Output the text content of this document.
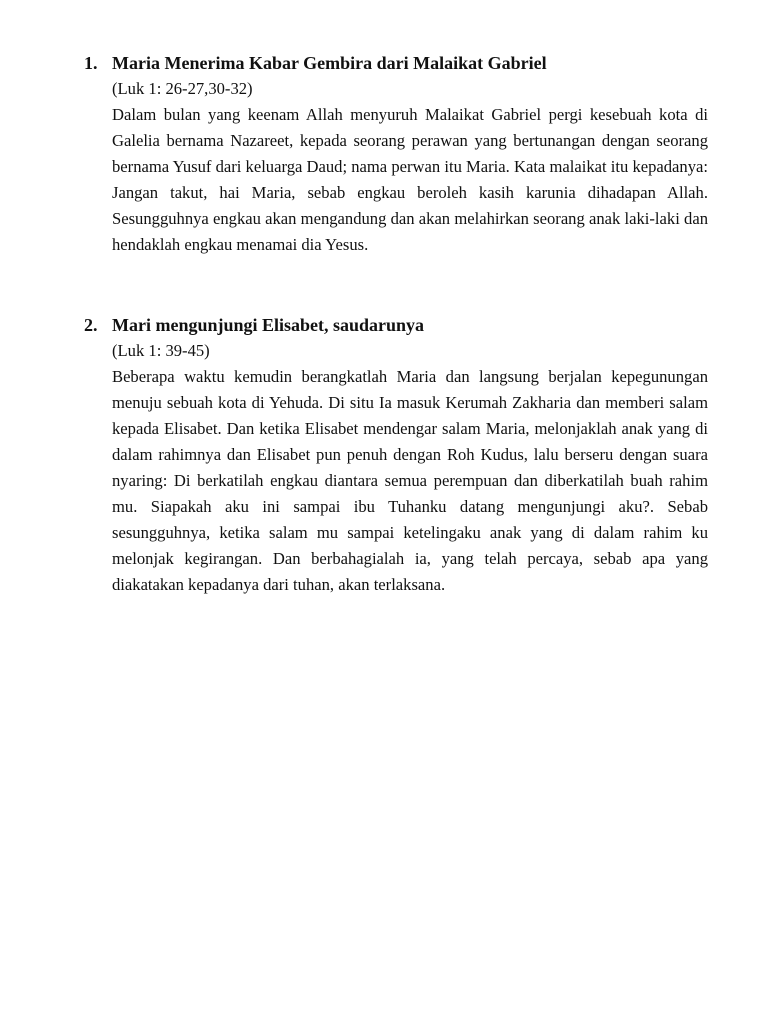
1. Maria Menerima Kabar Gembira dari Malaikat Gabriel
(Luk 1: 26-27,30-32)
Dalam bulan yang keenam Allah menyuruh Malaikat Gabriel pergi kesebuah kota di Galelia bernama Nazareet, kepada seorang perawan yang bertunangan dengan seorang bernama Yusuf dari keluarga Daud; nama perwan itu Maria. Kata malaikat itu kepadanya: Jangan takut, hai Maria, sebab engkau beroleh kasih karunia dihadapan Allah. Sesungguhnya engkau akan mengandung dan akan melahirkan seorang anak laki-laki dan hendaklah engkau menamai dia Yesus.
2. Mari mengunjungi Elisabet, saudarunya
(Luk 1: 39-45)
Beberapa waktu kemudin berangkatlah Maria dan langsung berjalan kepegunungan menuju sebuah kota di Yehuda. Di situ Ia masuk Kerumah Zakharia dan memberi salam kepada Elisabet. Dan ketika Elisabet mendengar salam Maria, melonjaklah anak yang di dalam rahimnya dan Elisabet pun penuh dengan Roh Kudus, lalu berseru dengan suara nyaring: Di berkatilah engkau diantara semua perempuan dan diberkatilah buah rahim mu. Siapakah aku ini sampai ibu Tuhanku datang mengunjungi aku?. Sebab sesungguhnya, ketika salam mu sampai ketelingaku anak yang di dalam rahim ku melonjak kegirangan. Dan berbahagialah ia, yang telah percaya, sebab apa yang diakatakan kepadanya dari tuhan, akan terlaksana.
